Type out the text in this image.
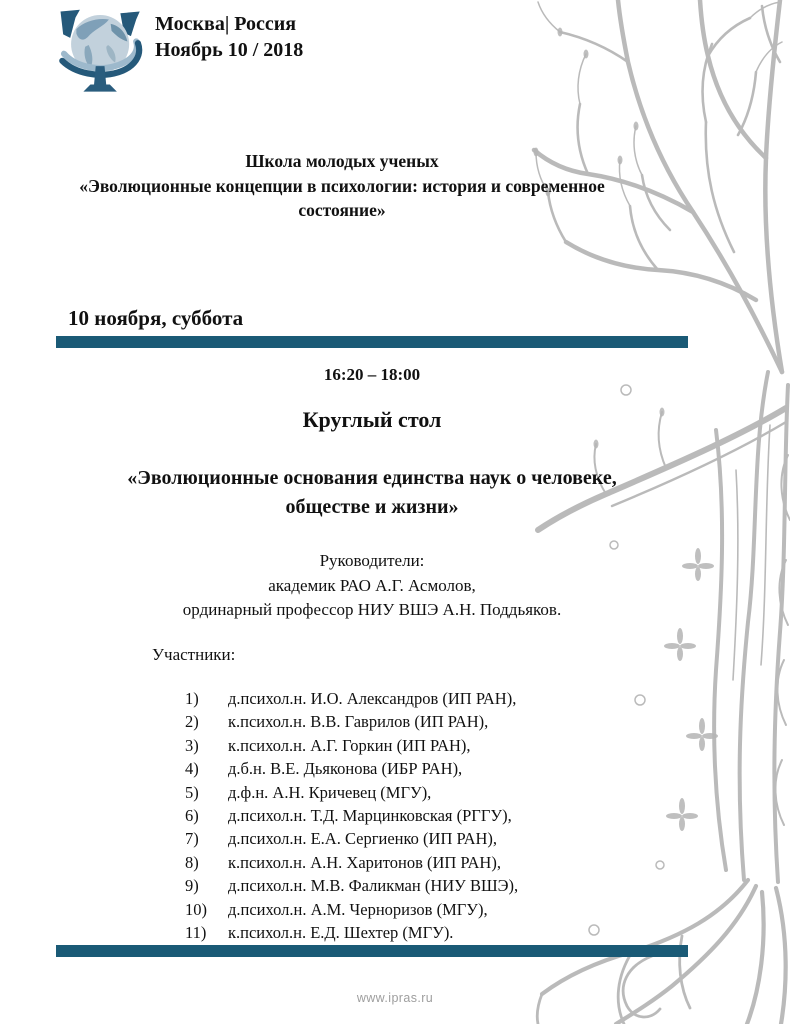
Москва| Россия
Ноябрь 10 / 2018
Школа молодых ученых
«Эволюционные концепции в психологии: история и современное
состояние»
10 ноября, суббота
16:20 – 18:00
Круглый стол
«Эволюционные основания единства наук о человеке,
обществе и жизни»
Руководители:
академик РАО А.Г. Асмолов,
ординарный профессор НИУ ВШЭ А.Н. Поддьяков.
Участники:
1)	д.психол.н. И.О. Александров (ИП РАН),
2)	к.психол.н. В.В. Гаврилов (ИП РАН),
3)	к.психол.н. А.Г. Горкин (ИП РАН),
4)	д.б.н. В.Е. Дьяконова (ИБР РАН),
5)	д.ф.н. А.Н. Кричевец (МГУ),
6)	д.психол.н. Т.Д. Марцинковская (РГГУ),
7)	д.психол.н. Е.А. Сергиенко (ИП РАН),
8)	к.психол.н. А.Н. Харитонов (ИП РАН),
9)	д.психол.н. М.В. Фаликман (НИУ ВШЭ),
10)	д.психол.н. А.М. Черноризов (МГУ),
11)	к.психол.н. Е.Д. Шехтер (МГУ).
www.ipras.ru
